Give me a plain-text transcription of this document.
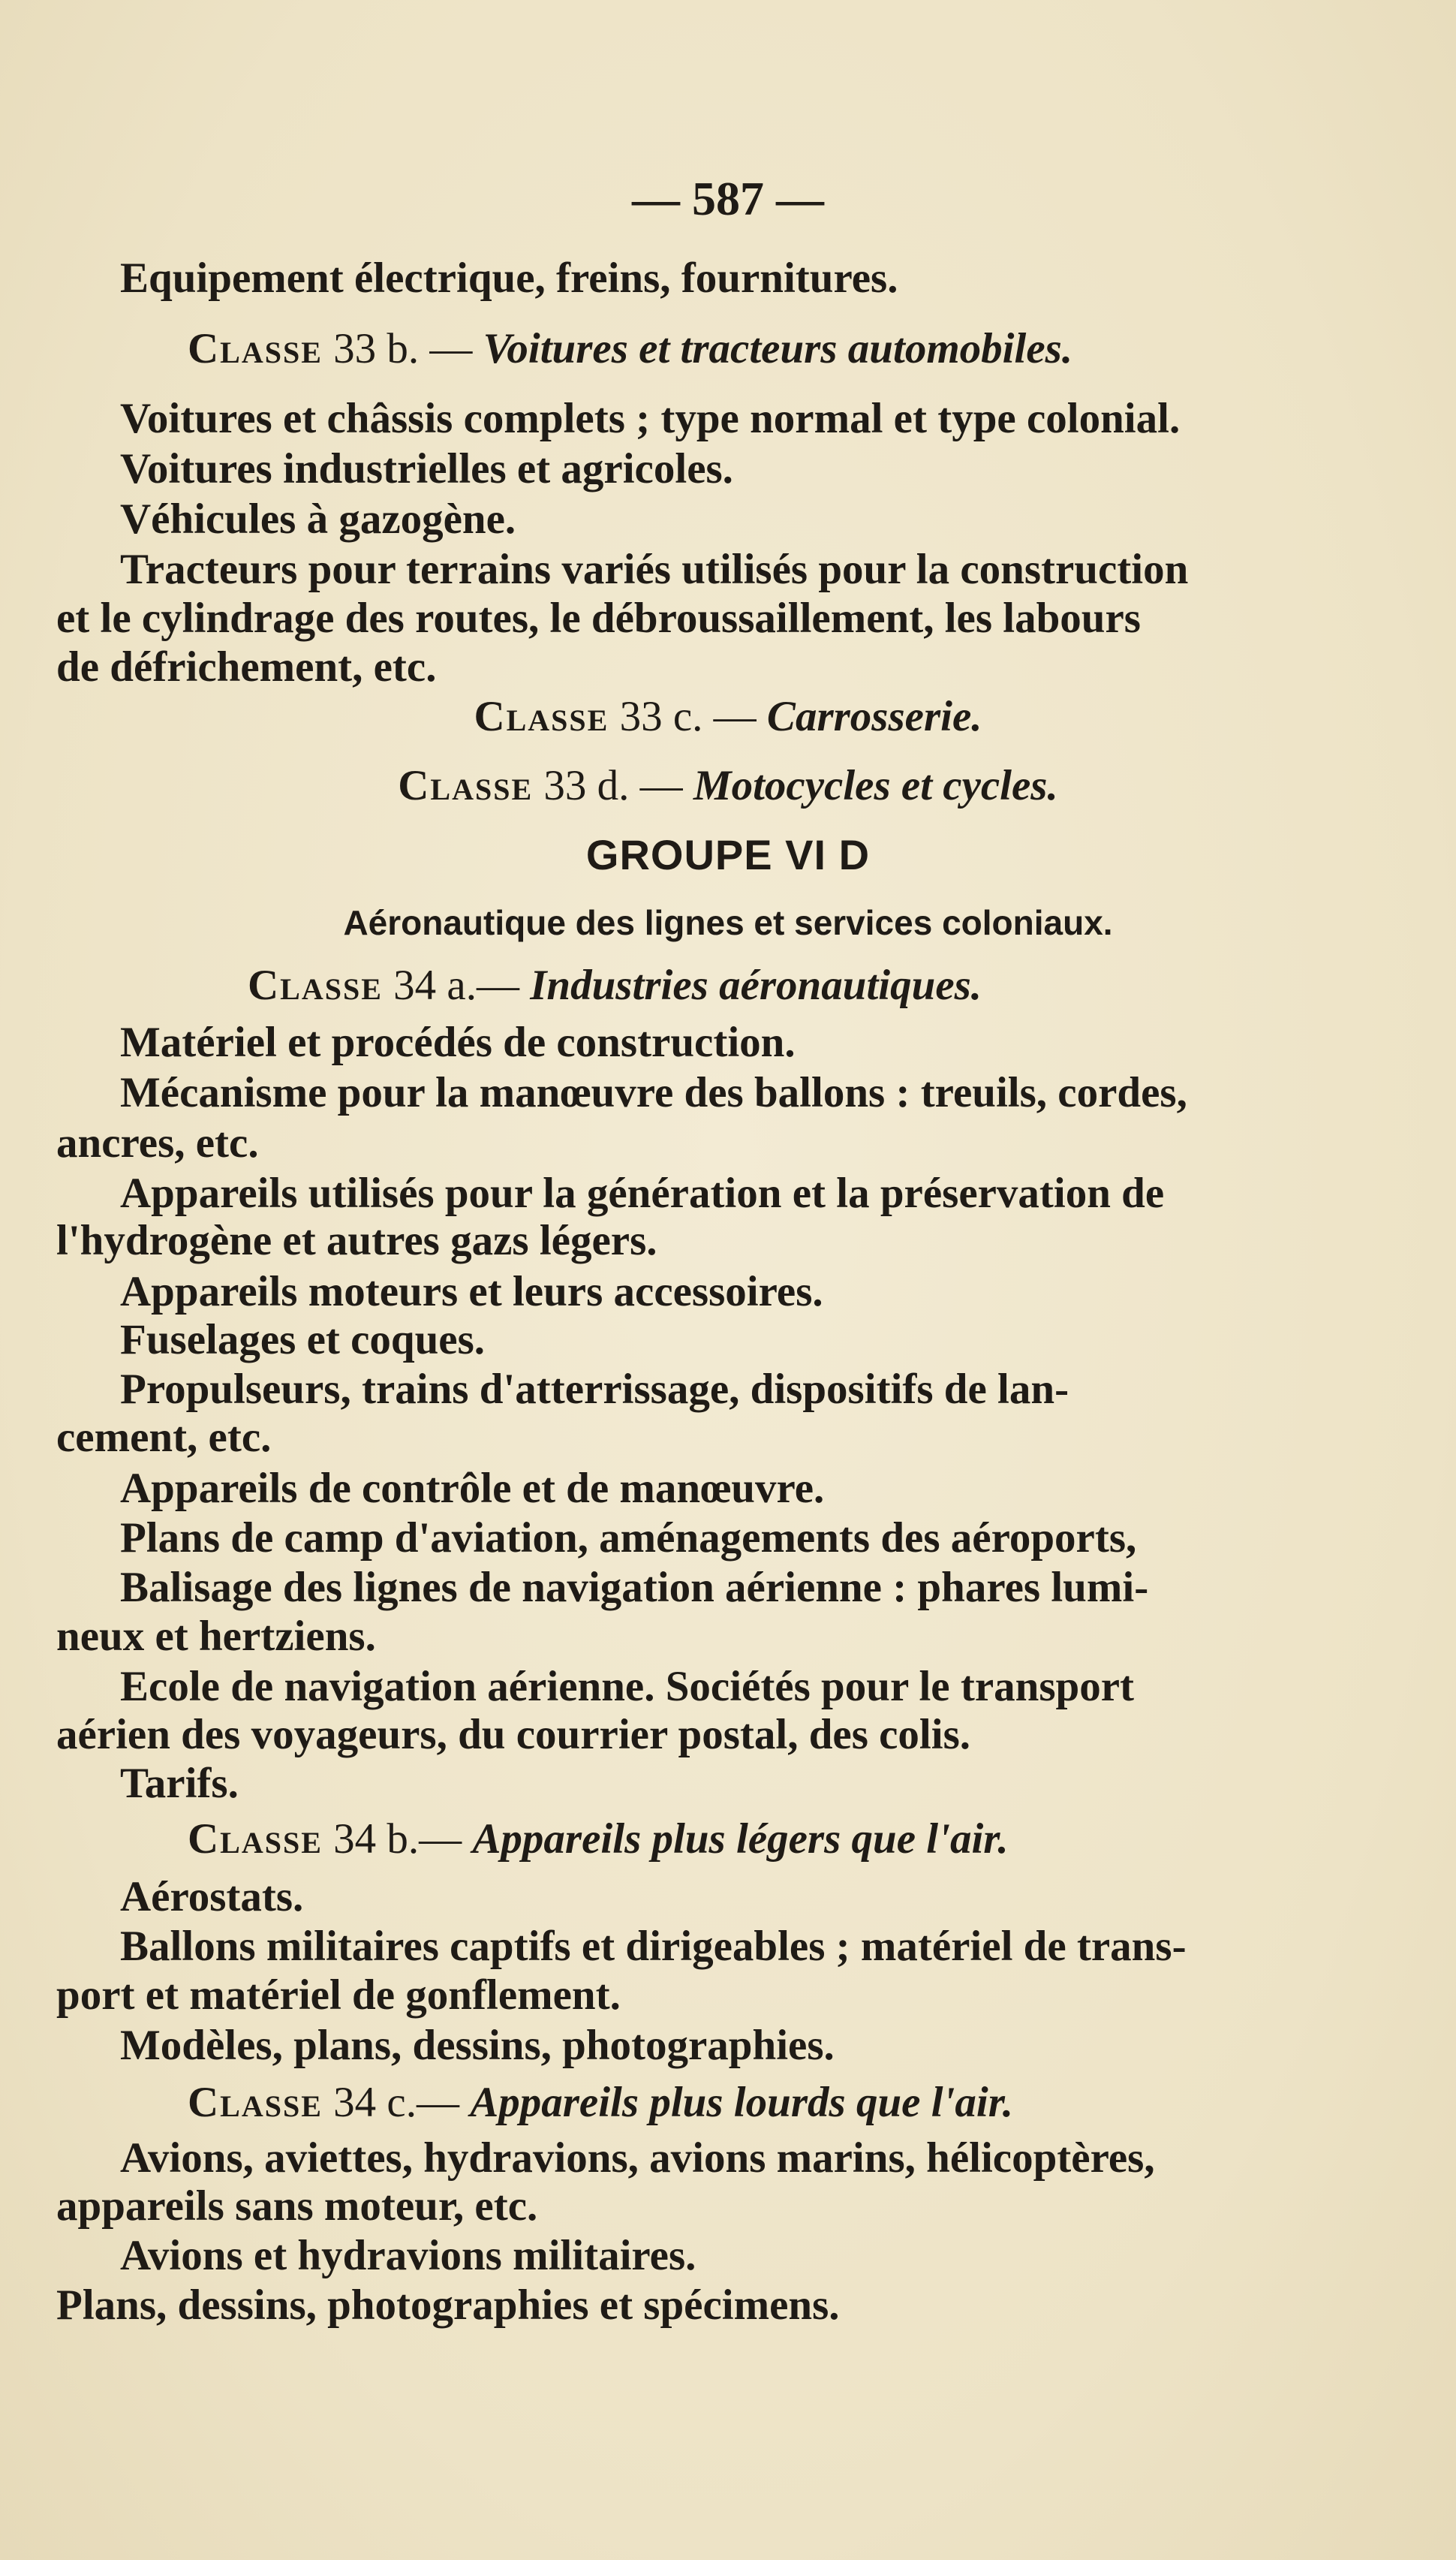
— 587 —
Equipement électrique, freins, fournitures.
Classe 33 b. — Voitures et tracteurs automobiles.
Voitures et châssis complets ; type normal et type colonial.
Voitures industrielles et agricoles.
Véhicules à gazogène.
Tracteurs pour terrains variés utilisés pour la construction
et le cylindrage des routes, le débroussaillement, les labours
de défrichement, etc.
Classe 33 c. — Carrosserie.
Classe 33 d. — Motocycles et cycles.
GROUPE VI D
Aéronautique des lignes et services coloniaux.
Classe 34 a.— Industries aéronautiques.
Matériel et procédés de construction.
Mécanisme pour la manœuvre des ballons : treuils, cordes,
ancres, etc.
Appareils utilisés pour la génération et la préservation de
l'hydrogène et autres gazs légers.
Appareils moteurs et leurs accessoires.
Fuselages et coques.
Propulseurs, trains d'atterrissage, dispositifs de lan-
cement, etc.
Appareils de contrôle et de manœuvre.
Plans de camp d'aviation, aménagements des aéroports,
Balisage des lignes de navigation aérienne : phares lumi-
neux et hertziens.
Ecole de navigation aérienne. Sociétés pour le transport
aérien des voyageurs, du courrier postal, des colis.
Tarifs.
Classe 34 b.— Appareils plus légers que l'air.
Aérostats.
Ballons militaires captifs et dirigeables ; matériel de trans-
port et matériel de gonflement.
Modèles, plans, dessins, photographies.
Classe 34 c.— Appareils plus lourds que l'air.
Avions, aviettes, hydravions, avions marins, hélicoptères,
appareils sans moteur, etc.
Avions et hydravions militaires.
Plans, dessins, photographies et spécimens.
